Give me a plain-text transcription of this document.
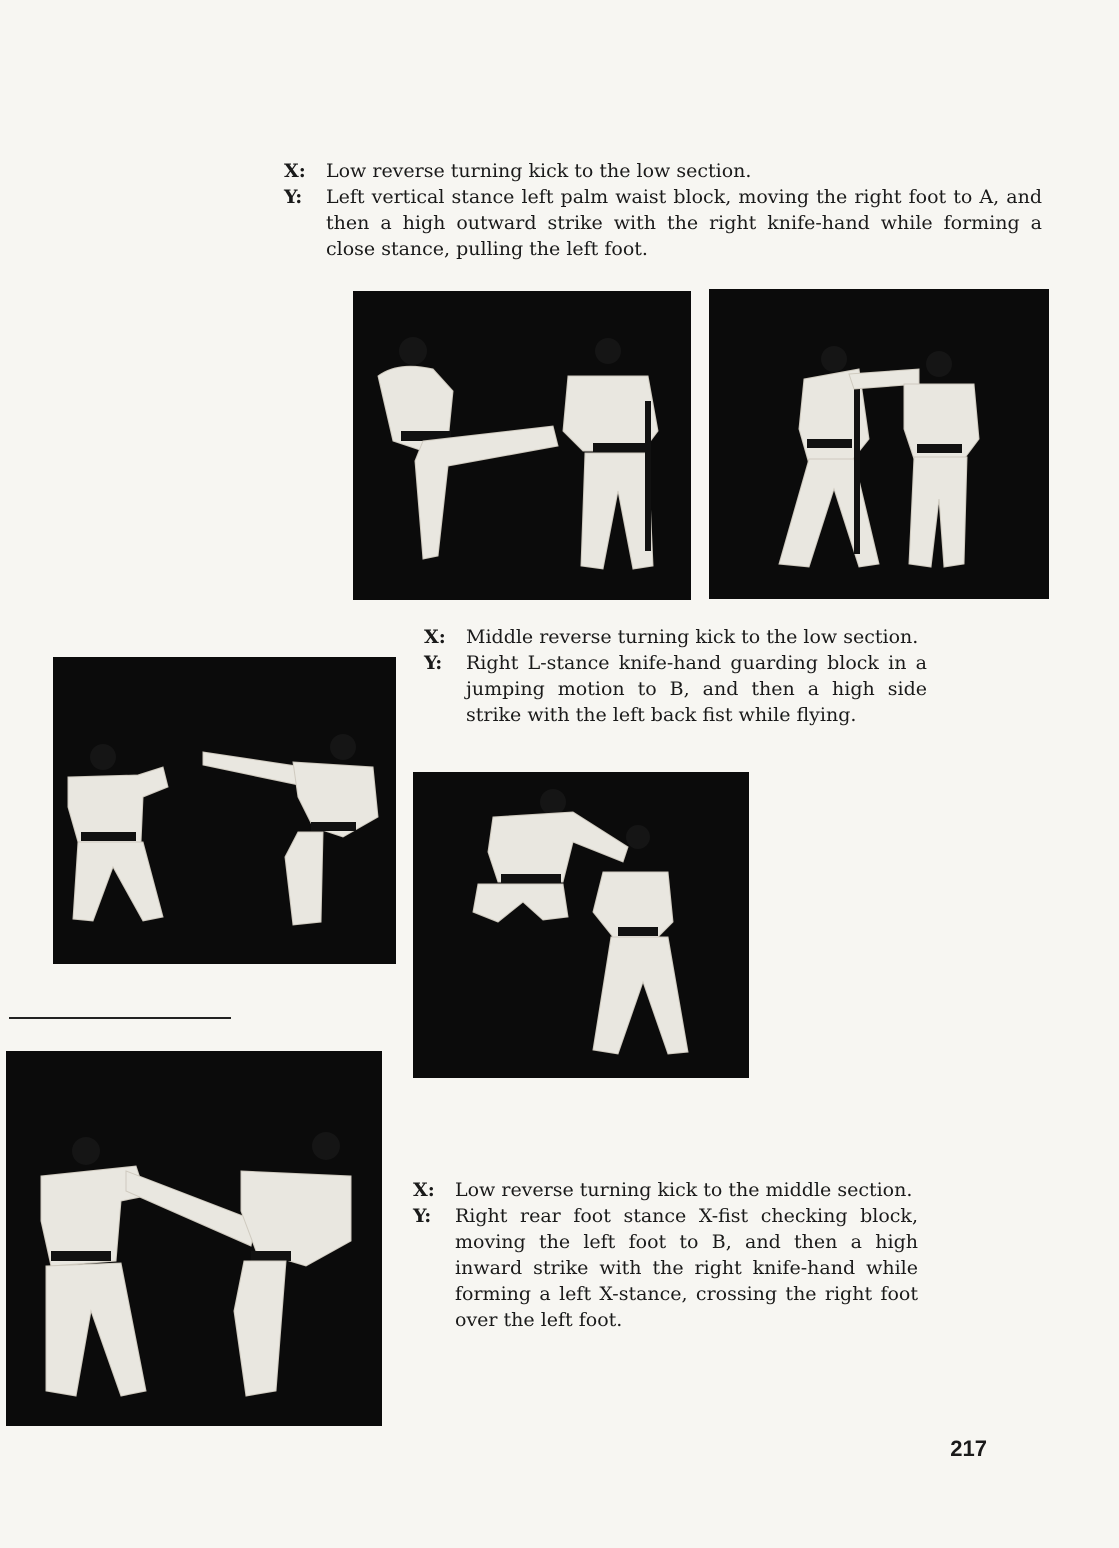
X:	Low reverse turning kick to the low section.
Y:	Left vertical stance left palm waist block, moving the right foot to A, and then a high outward strike with the right knife-hand while forming a close stance, pulling the left foot.
X:	Middle reverse turning kick to the low section.
Y:	Right L-stance knife-hand guarding block in a jumping motion to B, and then a high side strike with the left back fist while flying.
X:	Low reverse turning kick to the middle section.
Y:	Right rear foot stance X-fist checking block, moving the left foot to B, and then a high inward strike with the right knife-hand while forming a left X-stance, crossing the right foot over the left foot.
217
